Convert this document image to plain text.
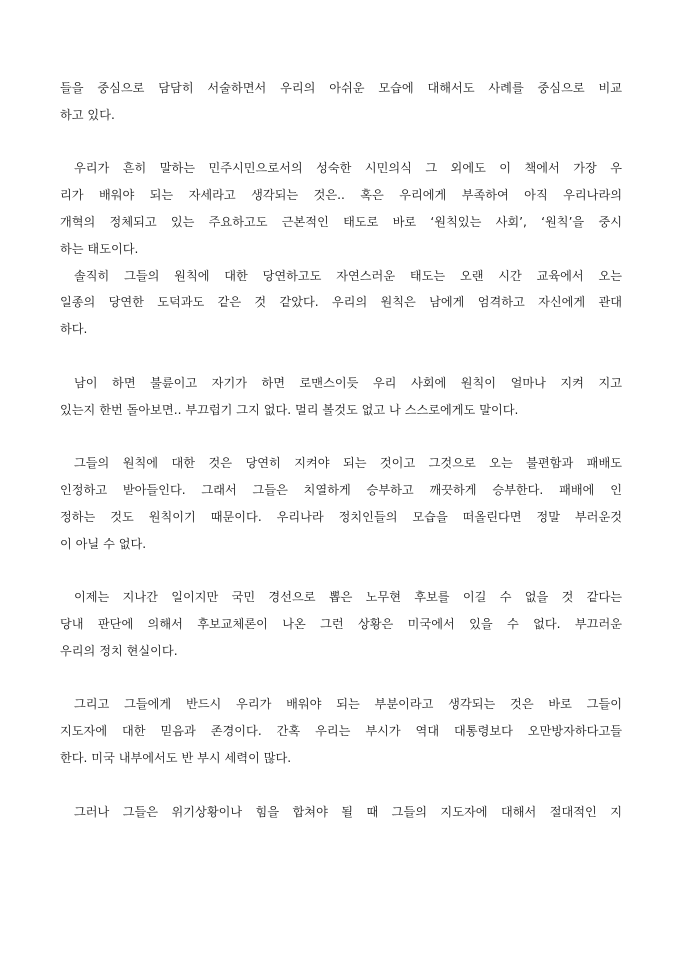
들을 중심으로 담담히 서술하면서 우리의 아쉬운 모습에 대해서도 사례를 중심으로 비교
하고 있다.
우리가 흔히 말하는 민주시민으로서의 성숙한 시민의식 그 외에도 이 책에서 가장 우
리가 배워야 되는 자세라고 생각되는 것은.. 혹은 우리에게 부족하여 아직 우리나라의
개혁의 정체되고 있는 주요하고도 근본적인 태도로 바로 ‘원칙있는 사회’, ‘원칙’을 중시
하는 태도이다.
솔직히 그들의 원칙에 대한 당연하고도 자연스러운 태도는 오랜 시간 교육에서 오는
일종의 당연한 도덕과도 같은 것 같았다. 우리의 원칙은 남에게 엄격하고 자신에게 관대
하다.
남이 하면 불륜이고 자기가 하면 로맨스이듯 우리 사회에 원칙이 얼마나 지켜 지고
있는지 한번 돌아보면.. 부끄럽기 그지 없다. 멀리 볼것도 없고 나 스스로에게도 말이다.
그들의 원칙에 대한 것은 당연히 지켜야 되는 것이고 그것으로 오는 불편함과 패배도
인정하고 받아들인다. 그래서 그들은 치열하게 승부하고 깨끗하게 승부한다. 패배에 인
정하는 것도 원칙이기 때문이다. 우리나라 정치인들의 모습을 떠올린다면 정말 부러운것
이 아닐 수 없다.
이제는 지나간 일이지만 국민 경선으로 뽑은 노무현 후보를 이길 수 없을 것 같다는
당내 판단에 의해서 후보교체론이 나온 그런 상황은 미국에서 있을 수 없다. 부끄러운
우리의 정치 현실이다.
그리고 그들에게 반드시 우리가 배워야 되는 부분이라고 생각되는 것은 바로 그들이
지도자에 대한 믿음과 존경이다. 간혹 우리는 부시가 역대 대통령보다 오만방자하다고들
한다. 미국 내부에서도 반 부시 세력이 많다.
그러나 그들은 위기상황이나 힘을 합쳐야 될 때 그들의 지도자에 대해서 절대적인 지
